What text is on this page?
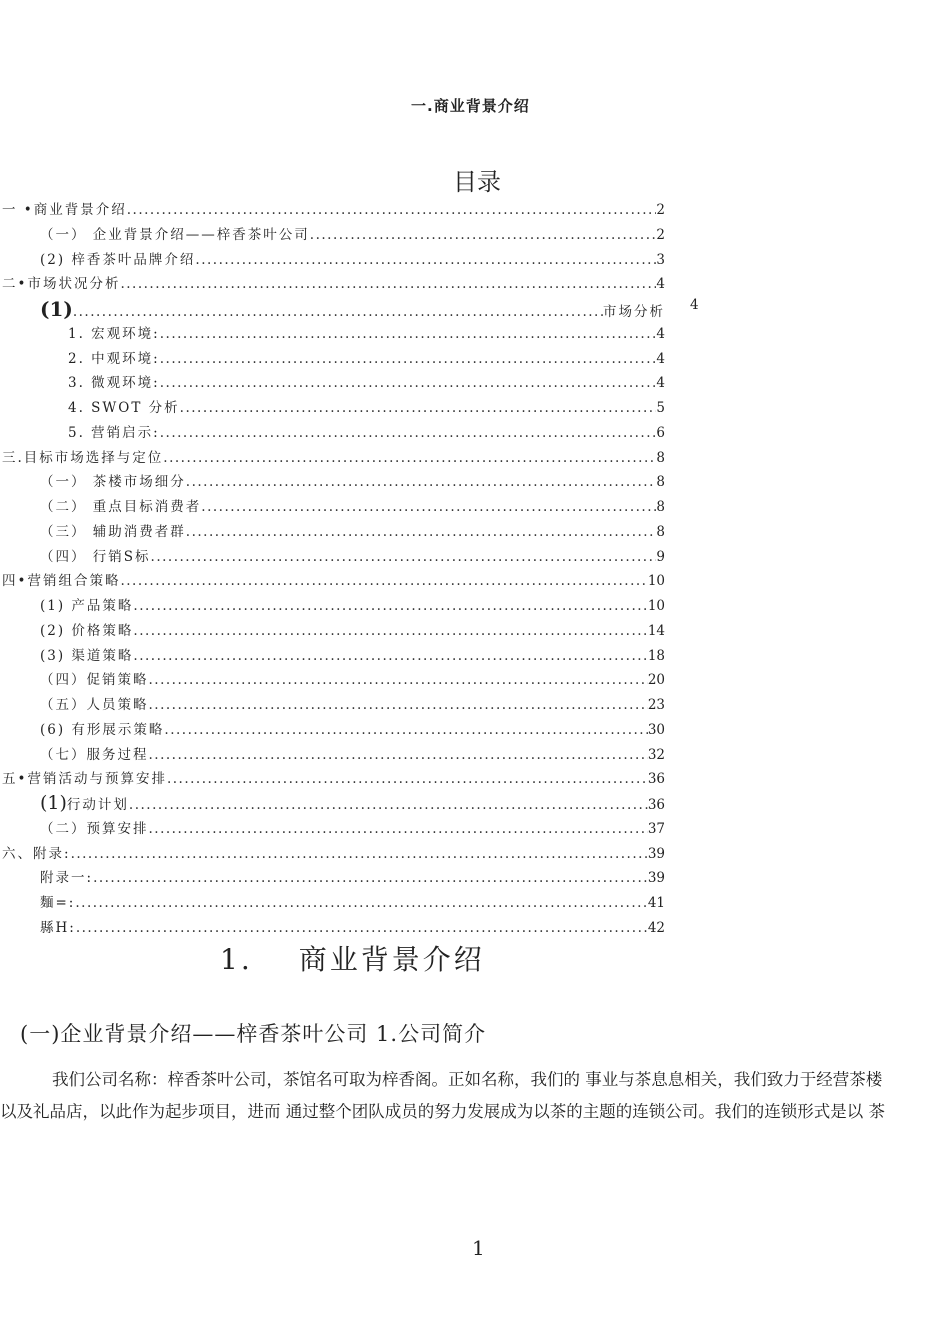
一.商业背景介绍
目录
一 •商业背景介绍 .....	2
（一） 企业背景介绍——梓香茶叶公司 .....	2
(2) 梓香茶叶品牌介绍 .....	3
二•市场状况分析 .....	4
(1) .....	市场分析 4
1. 宏观环境: .....	4
2. 中观环境: .....	4
3. 微观环境: .....	4
4. SWOT 分析 .....	5
5. 营销启示: .....	6
三.目标市场选择与定位 .....	8
（一） 茶楼市场细分 .....	8
（二） 重点目标消费者 .....	8
（三） 辅助消费者群 .....	8
（四） 行销S标 .....	9
四•营销组合策略 .....	10
(1) 产品策略 .....	10
(2) 价格策略 .....	14
(3) 渠道策略 .....	18
（四）促销策略 .....	20
（五）人员策略 .....	23
(6) 有形展示策略 .....	30
（七）服务过程 .....	32
五•营销活动与预算安排 .....	36
(1) 行动计划 .....	36
（二）预算安排 .....	37
六、附录: .....	39
附录一: .....	39
麵=: .....	41
縣H: .....	42
1. 商业背景介绍
(一)企业背景介绍——梓香茶叶公司 1.公司简介

我们公司名称：梓香茶叶公司，茶馆名可取为梓香阁。正如名称，我们的 事业与茶息息相关，我们致力于经营茶楼

以及礼品店，以此作为起步项目，进而 通过整个团队成员的努力发展成为以茶的主题的连锁公司。我们的连锁形式是以 茶

1
